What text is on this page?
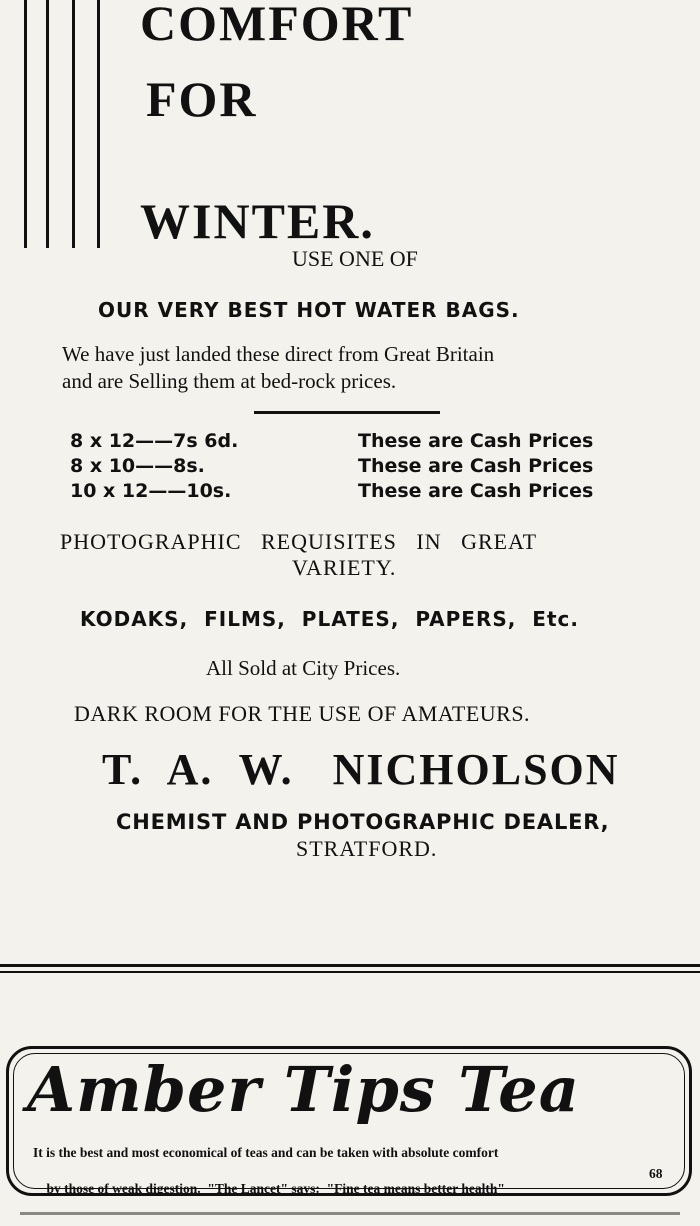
COMFORT
FOR
WINTER.
USE ONE OF
OUR VERY BEST HOT WATER BAGS.
We have just landed these direct from Great Britain
and are Selling them at bed-rock prices.
8 x 12——7s 6d.	These are Cash Prices
8 x 10——8s.	These are Cash Prices
10 x 12——10s.	These are Cash Prices
PHOTOGRAPHIC   REQUISITES   IN   GREAT
VARIETY.
KODAKS,  FILMS,  PLATES,  PAPERS,  Etc.
All Sold at City Prices.
DARK ROOM FOR THE USE OF AMATEURS.
T.  A.  W.   NICHOLSON
CHEMIST AND PHOTOGRAPHIC DEALER,
STRATFORD.
Amber Tips Tea
It is the best and most economical of teas and can be taken with absolute comfort

by those of weak digestion.  "The Lancet" says:  "Fine tea means better health"

68
